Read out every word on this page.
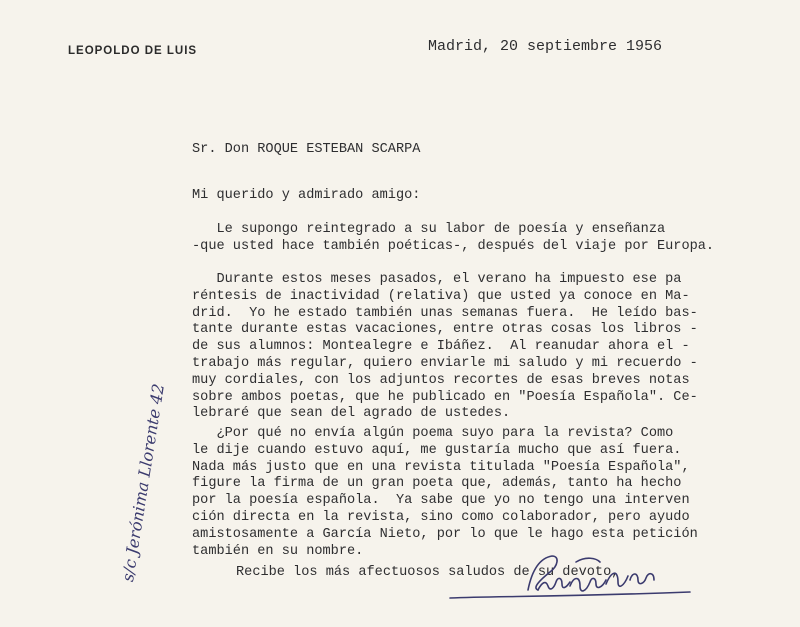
LEOPOLDO DE LUIS	Madrid, 20 septiembre 1956
Sr. Don ROQUE ESTEBAN SCARPA
Mi querido y admirado amigo:
Le supongo reintegrado a su labor de poesía y enseñanza
-que usted hace también poéticas-, después del viaje por Europa.
Durante estos meses pasados, el verano ha impuesto ese pa
réntesis de inactividad (relativa) que usted ya conoce en Ma-
drid.  Yo he estado también unas semanas fuera.  He leído bas-
tante durante estas vacaciones, entre otras cosas los libros -
de sus alumnos: Montealegre e Ibáñez.  Al reanudar ahora el -
trabajo más regular, quiero enviarle mi saludo y mi recuerdo -
muy cordiales, con los adjuntos recortes de esas breves notas
sobre ambos poetas, que he publicado en "Poesía Española". Ce-
lebraré que sean del agrado de ustedes.
¿Por qué no envía algún poema suyo para la revista? Como
le dije cuando estuvo aquí, me gustaría mucho que así fuera.
Nada más justo que en una revista titulada "Poesía Española",
figure la firma de un gran poeta que, además, tanto ha hecho
por la poesía española.  Ya sabe que yo no tengo una interven
ción directa en la revista, sino como colaborador, pero ayudo
amistosamente a García Nieto, por lo que le hago esta petición
también en su nombre.
Recibe los más afectuosos saludos de su devoto,
s/c Jerónima Llorente 42
